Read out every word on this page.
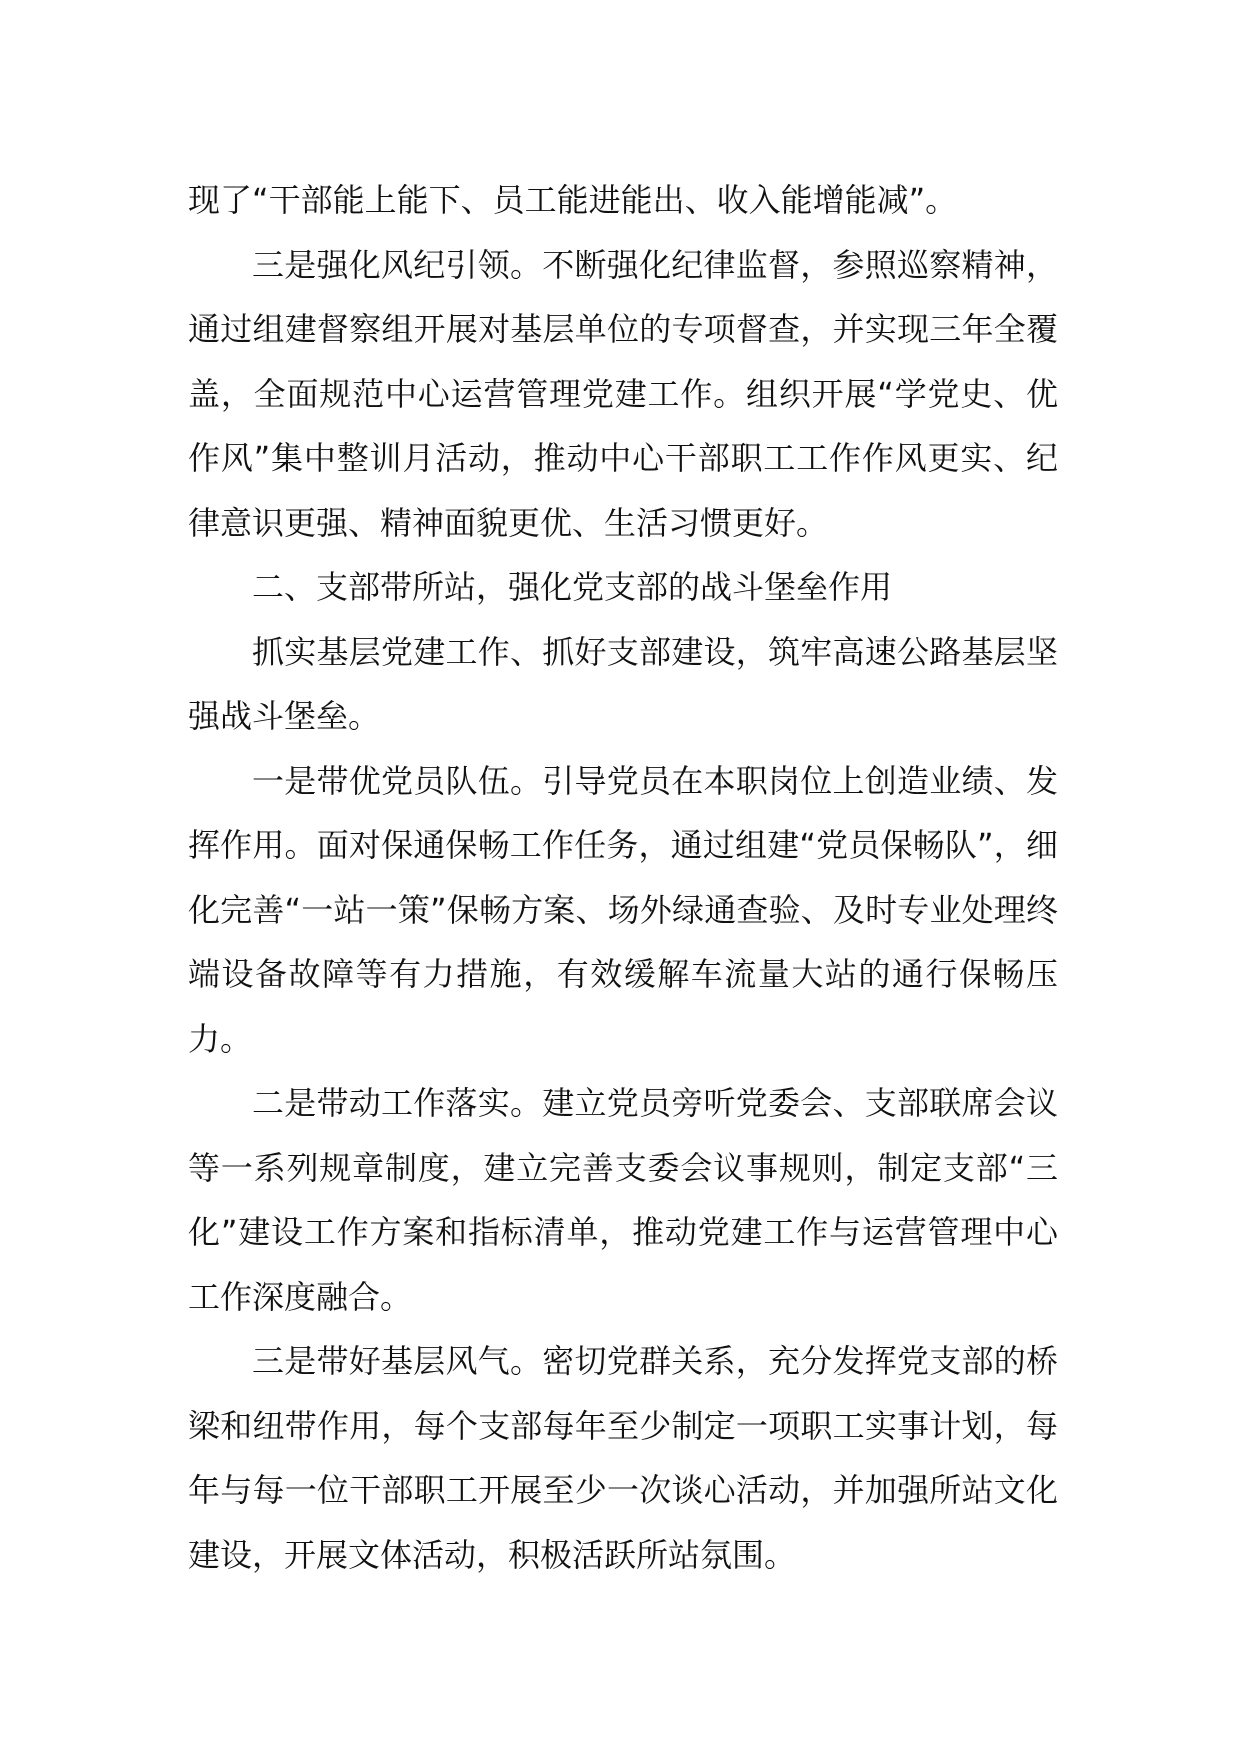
现了“干部能上能下、员工能进能出、收入能增能减”。

三是强化风纪引领。不断强化纪律监督，参照巡察精神，通过组建督察组开展对基层单位的专项督查，并实现三年全覆盖，全面规范中心运营管理党建工作。组织开展“学党史、优作风”集中整训月活动，推动中心干部职工工作作风更实、纪律意识更强、精神面貌更优、生活习惯更好。

二、支部带所站，强化党支部的战斗堡垒作用

抓实基层党建工作、抓好支部建设，筑牢高速公路基层坚强战斗堡垒。

一是带优党员队伍。引导党员在本职岗位上创造业绩、发挥作用。面对保通保畅工作任务，通过组建“党员保畅队”，细化完善“一站一策”保畅方案、场外绿通查验、及时专业处理终端设备故障等有力措施，有效缓解车流量大站的通行保畅压力。

二是带动工作落实。建立党员旁听党委会、支部联席会议等一系列规章制度，建立完善支委会议事规则，制定支部“三化”建设工作方案和指标清单，推动党建工作与运营管理中心工作深度融合。

三是带好基层风气。密切党群关系，充分发挥党支部的桥梁和纽带作用，每个支部每年至少制定一项职工实事计划，每年与每一位干部职工开展至少一次谈心活动，并加强所站文化建设，开展文体活动，积极活跃所站氛围。
